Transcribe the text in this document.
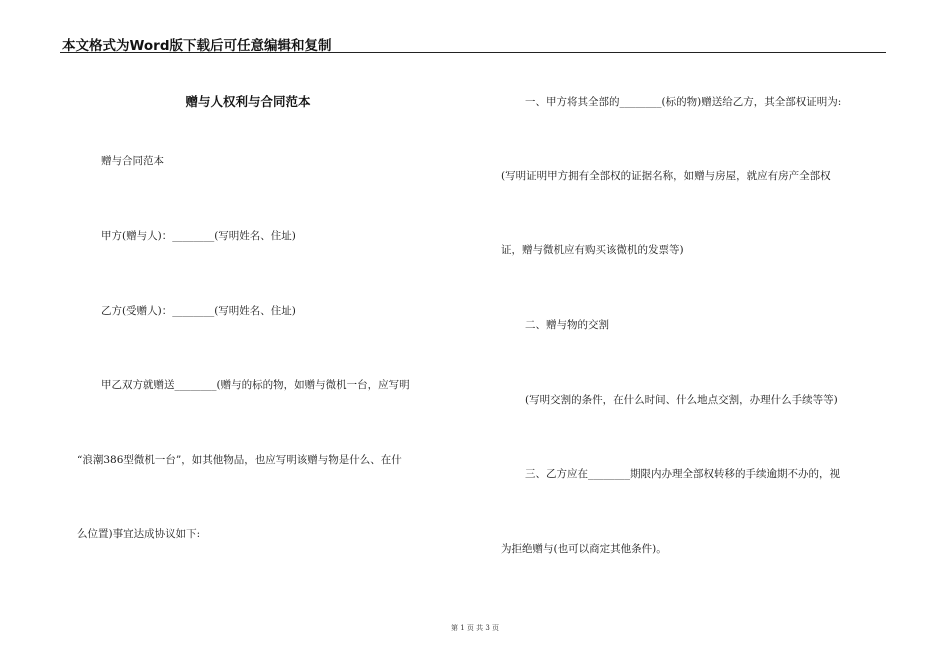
本文格式为Word版下载后可任意编辑和复制
赠与人权利与合同范本
赠与合同范本
甲方(赠与人)：________(写明姓名、住址)
乙方(受赠人)：________(写明姓名、住址)
甲乙双方就赠送________(赠与的标的物，如赠与微机一台，应写明
“浪潮386型微机一台”，如其他物品，也应写明该赠与物是什么、在什
么位置)事宜达成协议如下:
一、甲方将其全部的________(标的物)赠送给乙方，其全部权证明为:
(写明证明甲方拥有全部权的证据名称，如赠与房屋，就应有房产全部权
证，赠与微机应有购买该微机的发票等)
二、赠与物的交割
(写明交割的条件，在什么时间、什么地点交割，办理什么手续等等)
三、乙方应在________期限内办理全部权转移的手续逾期不办的，视
为拒绝赠与(也可以商定其他条件)。
第 1 页 共 3 页
